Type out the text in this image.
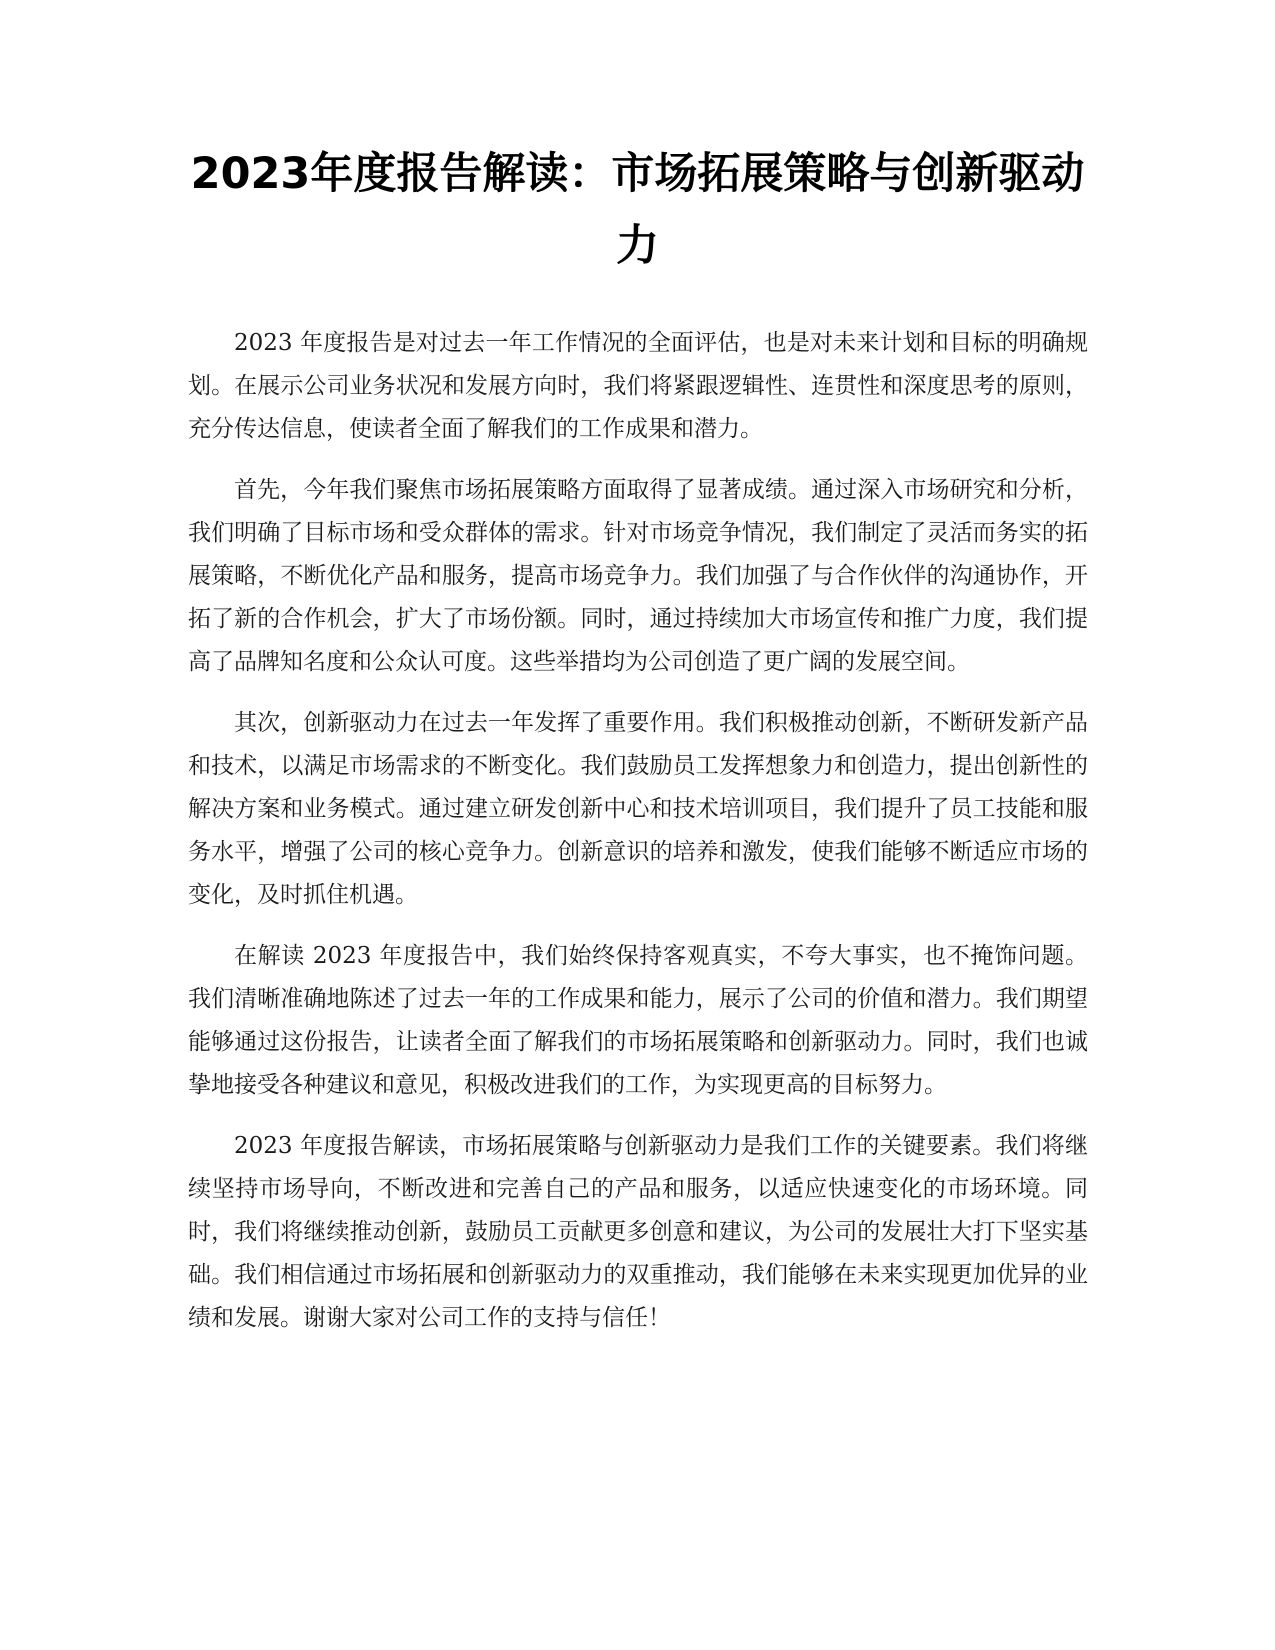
2023年度报告解读：市场拓展策略与创新驱动力

2023 年度报告是对过去一年工作情况的全面评估，也是对未来计划和目标的明确规划。在展示公司业务状况和发展方向时，我们将紧跟逻辑性、连贯性和深度思考的原则，充分传达信息，使读者全面了解我们的工作成果和潜力。

首先，今年我们聚焦市场拓展策略方面取得了显著成绩。通过深入市场研究和分析，我们明确了目标市场和受众群体的需求。针对市场竞争情况，我们制定了灵活而务实的拓展策略，不断优化产品和服务，提高市场竞争力。我们加强了与合作伙伴的沟通协作，开拓了新的合作机会，扩大了市场份额。同时，通过持续加大市场宣传和推广力度，我们提高了品牌知名度和公众认可度。这些举措均为公司创造了更广阔的发展空间。

其次，创新驱动力在过去一年发挥了重要作用。我们积极推动创新，不断研发新产品和技术，以满足市场需求的不断变化。我们鼓励员工发挥想象力和创造力，提出创新性的解决方案和业务模式。通过建立研发创新中心和技术培训项目，我们提升了员工技能和服务水平，增强了公司的核心竞争力。创新意识的培养和激发，使我们能够不断适应市场的变化，及时抓住机遇。

在解读 2023 年度报告中，我们始终保持客观真实，不夸大事实，也不掩饰问题。我们清晰准确地陈述了过去一年的工作成果和能力，展示了公司的价值和潜力。我们期望能够通过这份报告，让读者全面了解我们的市场拓展策略和创新驱动力。同时，我们也诚挚地接受各种建议和意见，积极改进我们的工作，为实现更高的目标努力。

2023 年度报告解读，市场拓展策略与创新驱动力是我们工作的关键要素。我们将继续坚持市场导向，不断改进和完善自己的产品和服务，以适应快速变化的市场环境。同时，我们将继续推动创新，鼓励员工贡献更多创意和建议，为公司的发展壮大打下坚实基础。我们相信通过市场拓展和创新驱动力的双重推动，我们能够在未来实现更加优异的业绩和发展。谢谢大家对公司工作的支持与信任！
